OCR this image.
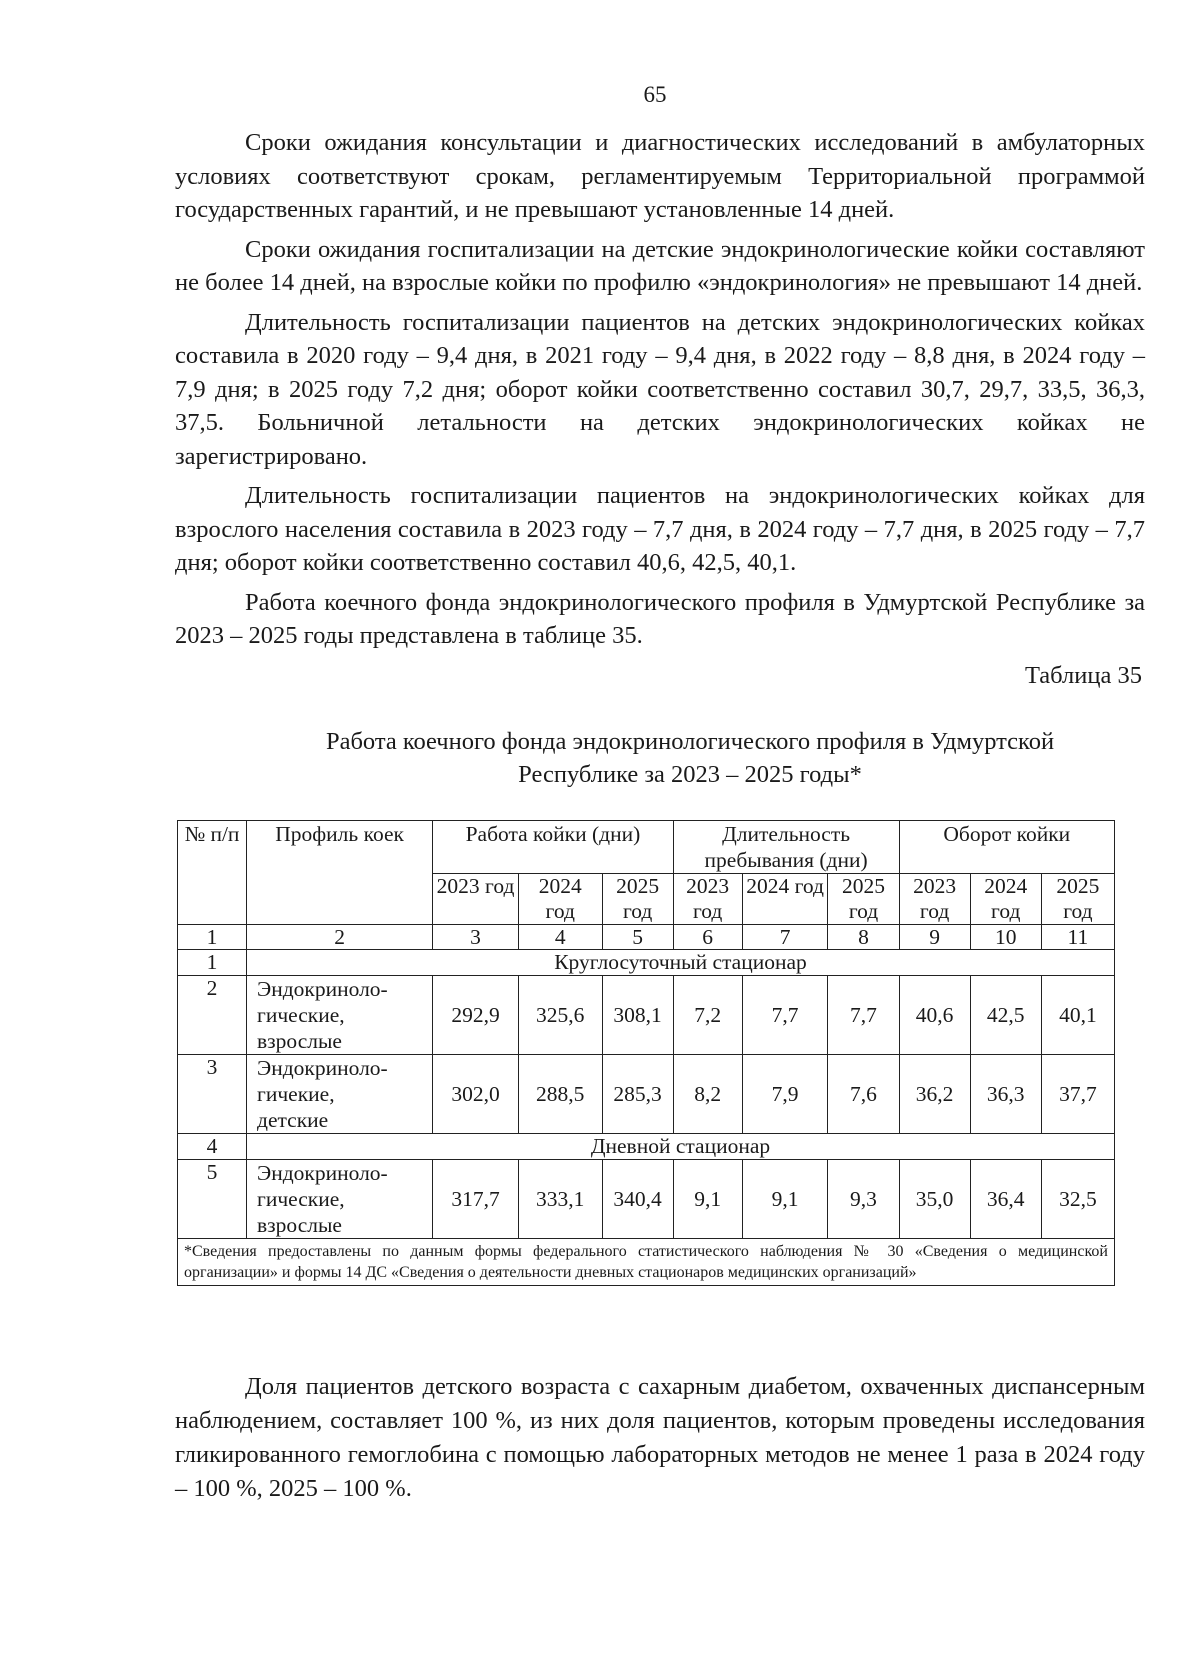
65

Сроки ожидания консультации и диагностических исследований в амбулаторных условиях соответствуют срокам, регламентируемым Территориальной программой государственных гарантий, и не превышают установленные 14 дней.

Сроки ожидания госпитализации на детские эндокринологические койки составляют не более 14 дней, на взрослые койки по профилю «эндокринология» не превышают 14 дней.

Длительность госпитализации пациентов на детских эндокринологических койках составила в 2020 году – 9,4 дня, в 2021 году – 9,4 дня, в 2022 году – 8,8 дня, в 2024 году – 7,9 дня; в 2025 году 7,2 дня; оборот койки соответственно составил 30,7, 29,7, 33,5, 36,3, 37,5. Больничной летальности на детских эндокринологических койках не зарегистрировано.

Длительность госпитализации пациентов на эндокринологических койках для взрослого населения составила в 2023 году – 7,7 дня, в 2024 году – 7,7 дня, в 2025 году – 7,7 дня; оборот койки соответственно составил 40,6, 42,5, 40,1.

Работа коечного фонда эндокринологического профиля в Удмуртской Республике за 2023 – 2025 годы представлена в таблице 35.

Таблица 35
Работа коечного фонда эндокринологического профиля в Удмуртской
Республике за 2023 – 2025 годы*
№ п/п	Профиль коек	Работа койки (дни)			Длительность пребывания (дни)			Оборот койки		
		2023 год	2024 год	2025 год	2023 год	2024 год	2025 год	2023 год	2024 год	2025 год
1	2	3	4	5	6	7	8	9	10	11
1	Круглосуточный стационар									
2	Эндокриноло-
гические,
взрослые	292,9	325,6	308,1	7,2	7,7	7,7	40,6	42,5	40,1
3	Эндокриноло-
гичекие,
детские	302,0	288,5	285,3	8,2	7,9	7,6	36,2	36,3	37,7
4	Дневной стационар									
5	Эндокриноло-
гические,
взрослые	317,7	333,1	340,4	9,1	9,1	9,3	35,0	36,4	32,5
*Сведения предоставлены по данным формы федерального статистического наблюдения № 30 «Сведения о медицинской организации» и формы 14 ДС «Сведения о деятельности дневных стационаров медицинских организаций»										

Доля пациентов детского возраста с сахарным диабетом, охваченных диспансерным наблюдением, составляет 100 %, из них доля пациентов, которым проведены исследования гликированного гемоглобина с помощью лабораторных методов не менее 1 раза в 2024 году – 100 %, 2025 – 100 %.
